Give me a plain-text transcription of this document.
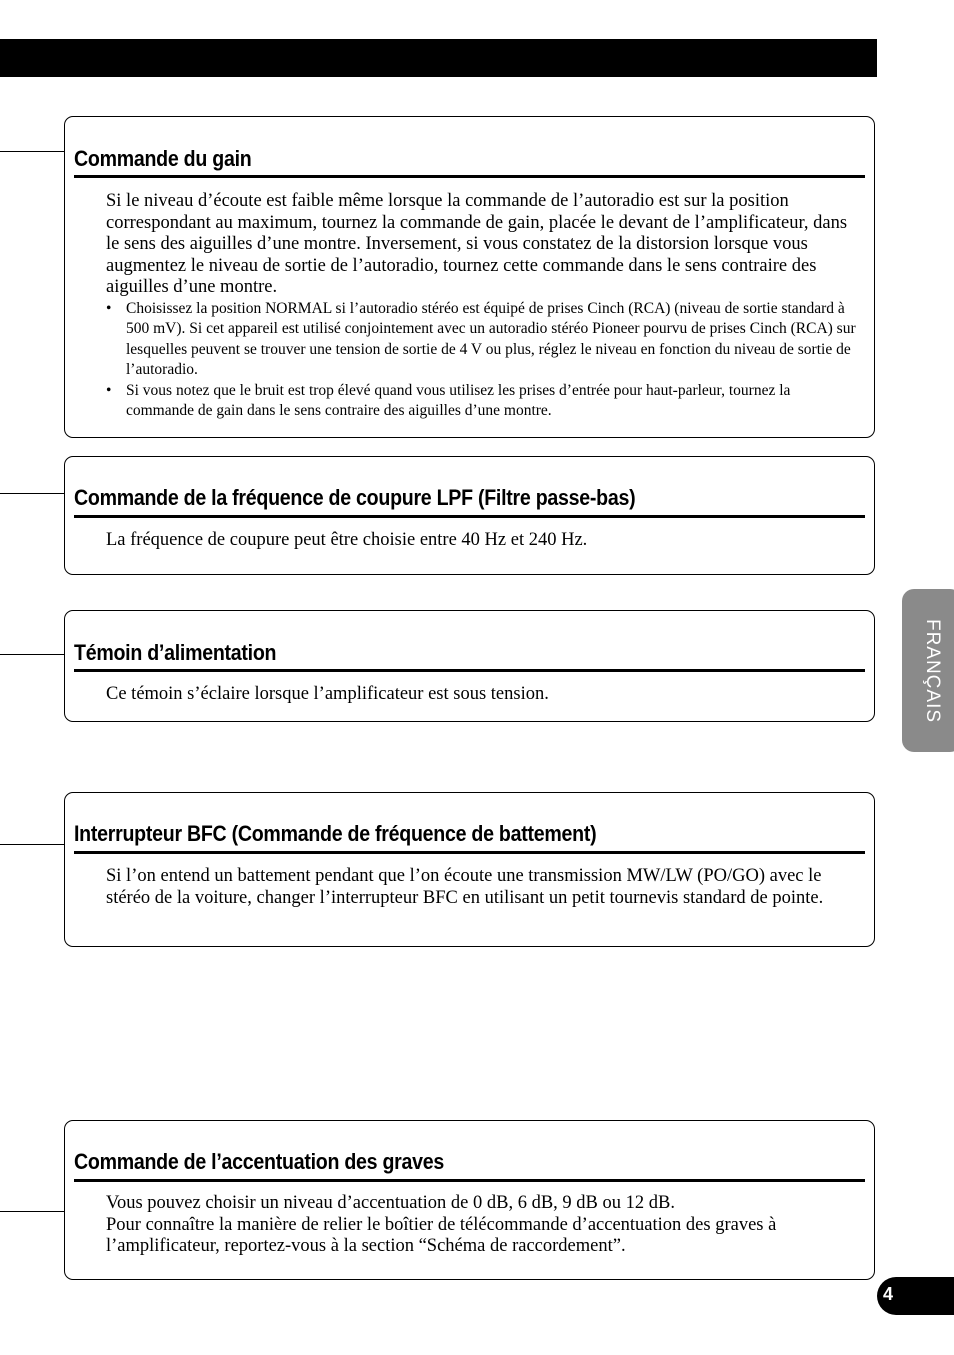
Commande du gain

Si le niveau d’écoute est faible même lorsque la commande de l’autoradio est sur la position correspondant au maximum, tournez la commande de gain, placée le devant de l’amplificateur, dans le sens des aiguilles d’une montre. Inversement, si vous constatez de la distorsion lorsque vous augmentez le niveau de sortie de l’autoradio, tournez cette commande dans le sens contraire des aiguilles d’une montre.

• Choisissez la position NORMAL si l’autoradio stéréo est équipé de prises Cinch (RCA) (niveau de sortie standard à 500 mV). Si cet appareil est utilisé conjointement avec un autoradio stéréo Pioneer pourvu de prises Cinch (RCA) sur lesquelles peuvent se trouver une tension de sortie de 4 V ou plus, réglez le niveau en fonction du niveau de sortie de l’autoradio.
• Si vous notez que le bruit est trop élevé quand vous utilisez les prises d’entrée pour haut-parleur, tournez la commande de gain dans le sens contraire des aiguilles d’une montre.
Commande de la fréquence de coupure LPF (Filtre passe-bas)

La fréquence de coupure peut être choisie entre 40 Hz et 240 Hz.

Témoin d’alimentation

Ce témoin s’éclaire lorsque l’amplificateur est sous tension.

Interrupteur BFC (Commande de fréquence de battement)

Si l’on entend un battement pendant que l’on écoute une transmission MW/LW (PO/GO) avec le stéréo de la voiture, changer l’interrupteur BFC en utilisant un petit tournevis standard de pointe.

Commande de l’accentuation des graves

Vous pouvez choisir un niveau d’accentuation de 0 dB, 6 dB, 9 dB ou 12 dB.

Pour connaître la manière de relier le boîtier de télécommande d’accentuation des graves à l’amplificateur, reportez-vous à la section “Schéma de raccordement”.

FRANÇAIS
4
